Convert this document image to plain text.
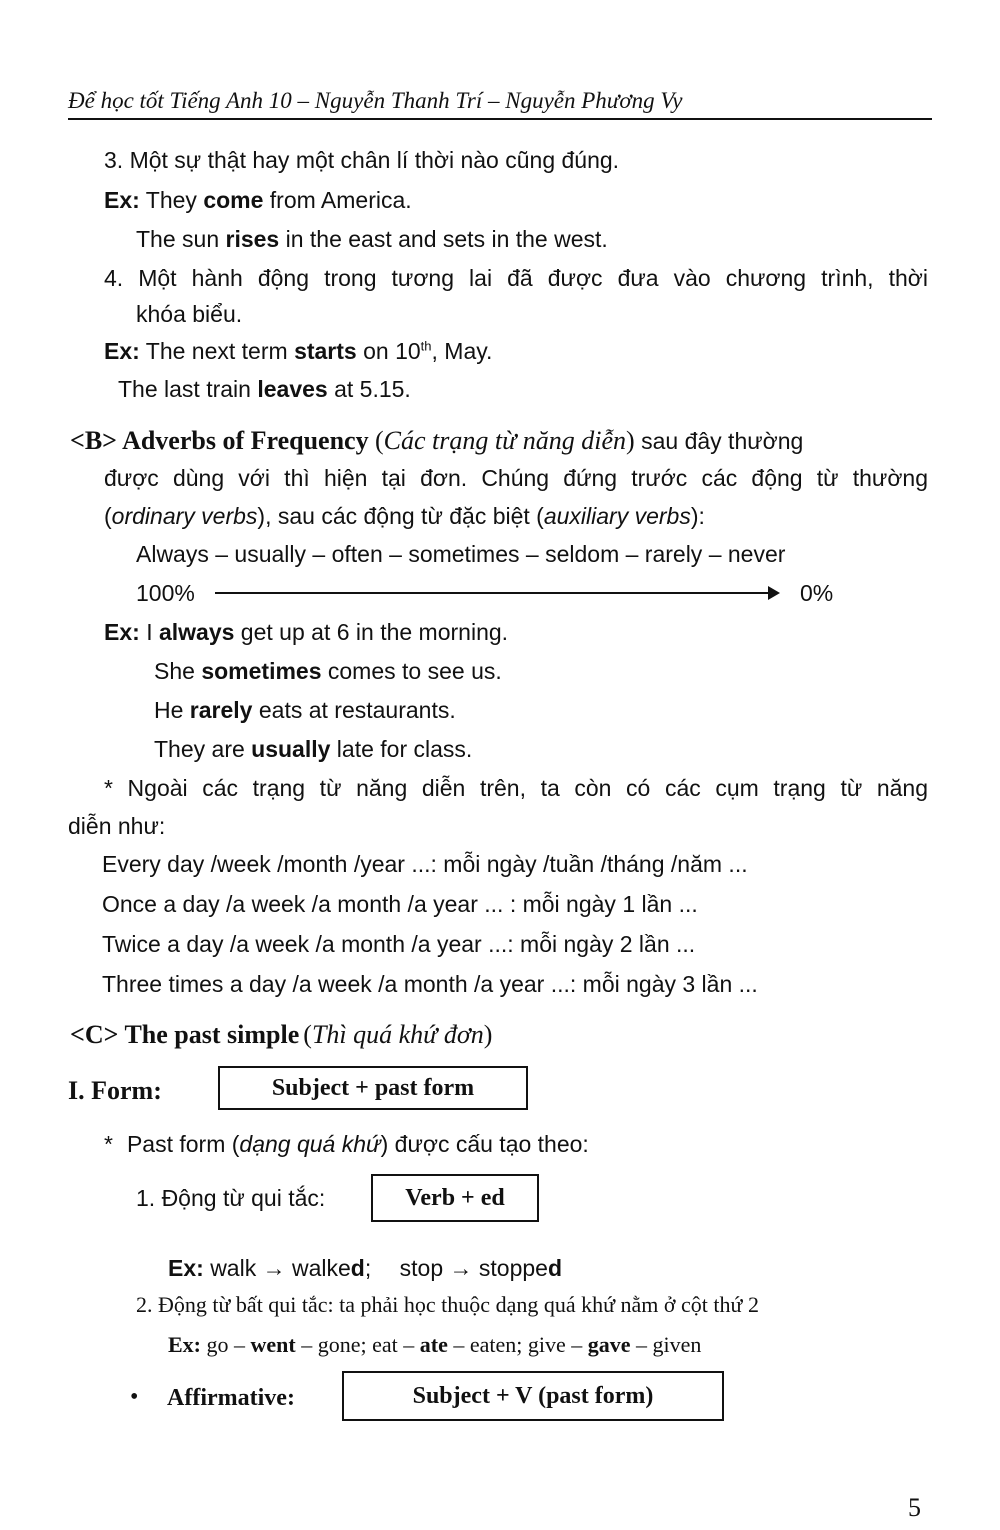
Để học tốt Tiếng Anh 10 – Nguyễn Thanh Trí – Nguyễn Phương Vy
3. Một sự thật hay một chân lí thời nào cũng đúng.
Ex: They come from America.
The sun rises in the east and sets in the west.
4. Một hành động trong tương lai đã được đưa vào chương trình, thời
khóa biểu.
Ex: The next term starts on 10th, May.
The last train leaves at 5.15.
<B> Adverbs of Frequency (Các trạng từ năng diễn) sau đây thường
được dùng với thì hiện tại đơn. Chúng đứng trước các động từ thường
(ordinary verbs), sau các động từ đặc biệt (auxiliary verbs):
Always – usually – often – sometimes – seldom – rarely – never
100%	0%
Ex: I always get up at 6 in the morning.
She sometimes comes to see us.
He rarely eats at restaurants.
They are usually late for class.
* Ngoài các trạng từ năng diễn trên, ta còn có các cụm trạng từ năng
diễn như:
Every day /week /month /year ...: mỗi ngày /tuần /tháng /năm ...
Once a day /a week /a month /a year ... : mỗi ngày 1 lần ...
Twice a day /a week /a month /a year ...: mỗi ngày 2 lần ...
Three times a day /a week /a month /a year ...: mỗi ngày 3 lần ...
<C> The past simple (Thì quá khứ đơn)
I. Form:	Subject + past form
* Past form (dạng quá khứ) được cấu tạo theo:
1. Động từ qui tắc:	Verb + ed
Ex: walk → walked; stop → stopped
2. Động từ bất qui tắc: ta phải học thuộc dạng quá khứ nằm ở cột thứ 2
Ex: go – went – gone; eat – ate – eaten; give – gave – given
• Affirmative:	Subject + V (past form)
5
